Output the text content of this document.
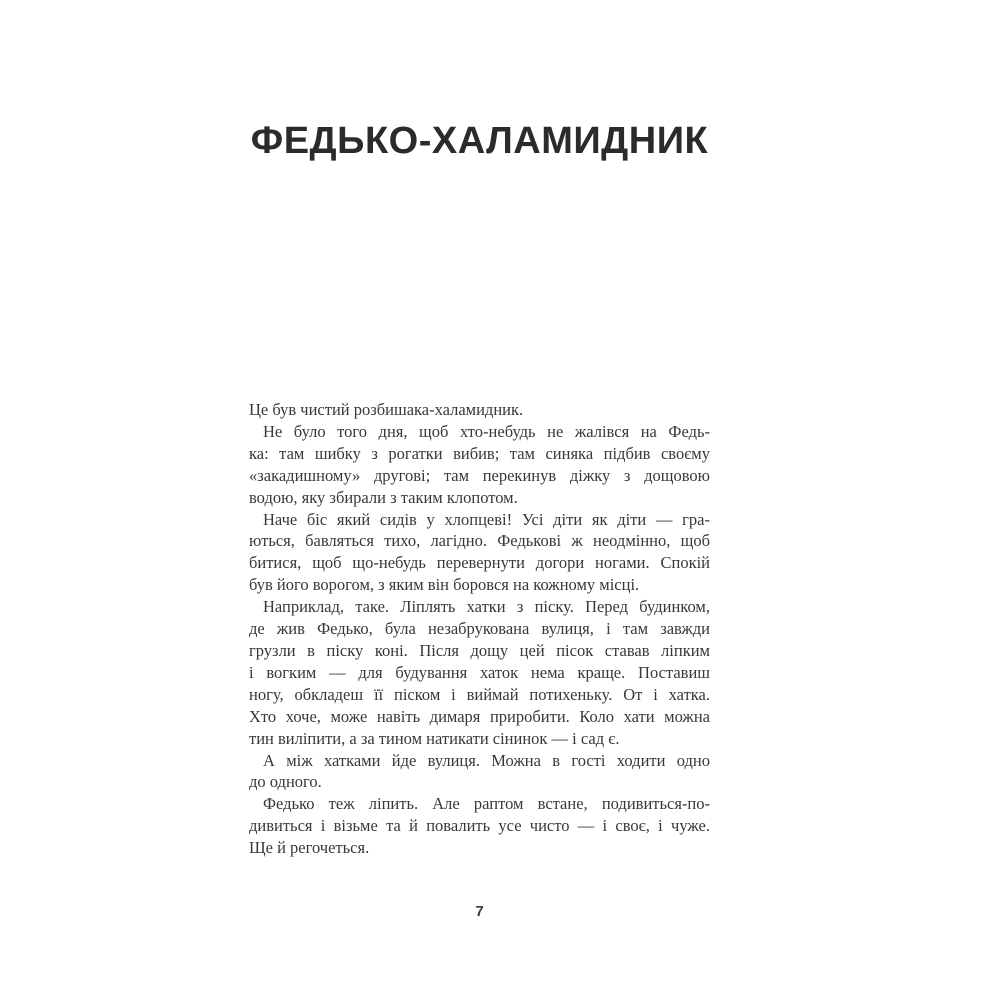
ФЕДЬКО-ХАЛАМИДНИК
Це був чистий розбишака-халамидник.
Не було того дня, щоб хто-небудь не жалівся на Федь-
ка: там шибку з рогатки вибив; там синяка підбив своєму
«закадишному» другові; там перекинув діжку з дощовою
водою, яку збирали з таким клопотом.
Наче біс який сидів у хлопцеві! Усі діти як діти — гра-
ються, бавляться тихо, лагідно. Федькові ж неодмінно, щоб
битися, щоб що-небудь перевернути догори ногами. Спокій
був його ворогом, з яким він боровся на кожному місці.
Наприклад, таке. Ліплять хатки з піску. Перед будинком,
де жив Федько, була незабрукована вулиця, і там завжди
грузли в піску коні. Після дощу цей пісок ставав ліпким
і вогким — для будування хаток нема краще. Поставиш
ногу, обкладеш її піском і виймай потихеньку. От і хатка.
Хто хоче, може навіть димаря приробити. Коло хати можна
тин виліпити, а за тином натикати сінинок — і сад є.
А між хатками йде вулиця. Можна в гості ходити одно
до одного.
Федько теж ліпить. Але раптом встане, подивиться-по-
дивиться і візьме та й повалить усе чисто — і своє, і чуже.
Ще й регочеться.
7
